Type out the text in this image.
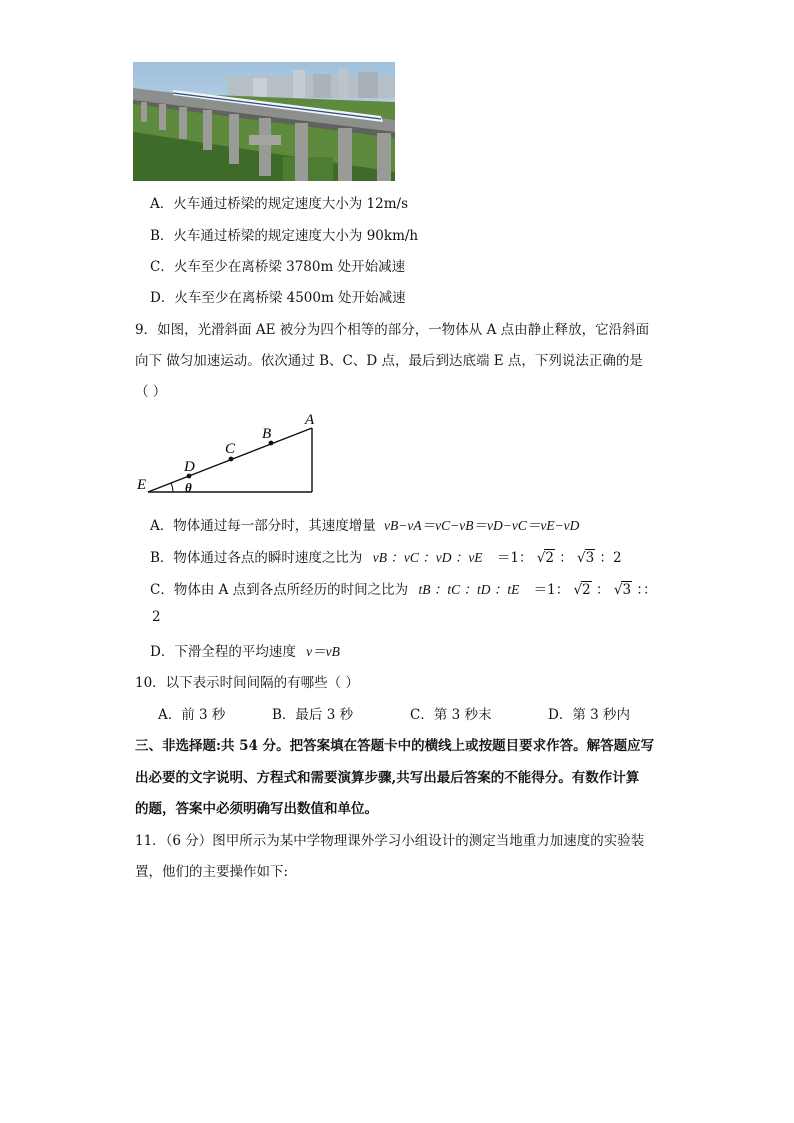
A．火车通过桥梁的规定速度大小为 12m/s
B．火车通过桥梁的规定速度大小为 90km/h
C．火车至少在离桥梁 3780m 处开始减速
D．火车至少在离桥梁 4500m 处开始减速
9．如图，光滑斜面 AE 被分为四个相等的部分，一物体从 A 点由静止释放，它沿斜面
向下 做匀加速运动。依次通过 B、C、D 点，最后到达底端 E 点，下列说法正确的是
（ ）
E
D
C
B
A
θ
A．物体通过每一部分时，其速度增量 vB−vA＝vC−vB＝vD−vC＝vE−vD
B．物体通过各点的瞬时速度之比为 vB ：vC ：vD ：vE ＝1： √2 ： √3 ：2
C．物体由 A 点到各点所经历的时间之比为 tB ：tC ：tD ：tE ＝1： √2 ： √3 ：：
2
D．下滑全程的平均速度 v＝vB
10．以下表示时间间隔的有哪些（ ）
A．前 3 秒	B．最后 3 秒	C．第 3 秒末	D．第 3 秒内
三、非选择题:共 54 分。把答案填在答题卡中的横线上或按题目要求作答。解答题应写
出必要的文字说明、方程式和需要演算步骤,共写出最后答案的不能得分。有数作计算
的题，答案中必须明确写出数值和单位。
11．（6 分）图甲所示为某中学物理课外学习小组设计的测定当地重力加速度的实验装
置，他们的主要操作如下:
